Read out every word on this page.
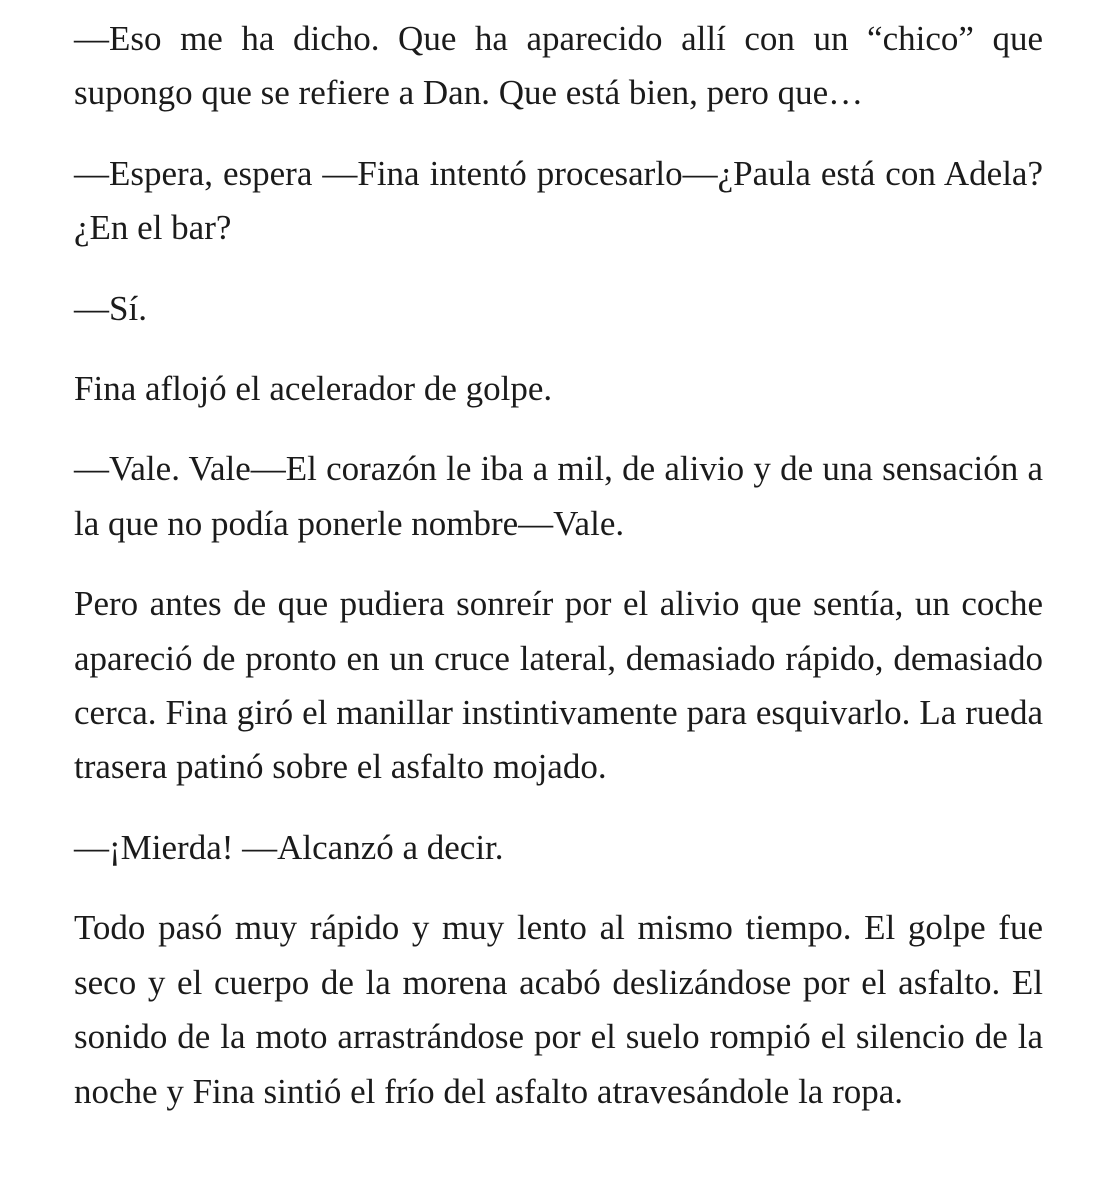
—Eso me ha dicho. Que ha aparecido allí con un “chico” que supongo que se refiere a Dan. Que está bien, pero que…

—Espera, espera —Fina intentó procesarlo—¿Paula está con Adela? ¿En el bar?

—Sí.

Fina aflojó el acelerador de golpe.

—Vale. Vale—El corazón le iba a mil, de alivio y de una sensación a la que no podía ponerle nombre—Vale.

Pero antes de que pudiera sonreír por el alivio que sentía, un coche apareció de pronto en un cruce lateral, demasiado rápido, demasiado cerca. Fina giró el manillar instintivamente para esquivarlo. La rueda trasera patinó sobre el asfalto mojado.

—¡Mierda! —Alcanzó a decir.

Todo pasó muy rápido y muy lento al mismo tiempo. El golpe fue seco y el cuerpo de la morena acabó deslizándose por el asfalto. El sonido de la moto arrastrándose por el suelo rompió el silencio de la noche y Fina sintió el frío del asfalto atravesándole la ropa.
